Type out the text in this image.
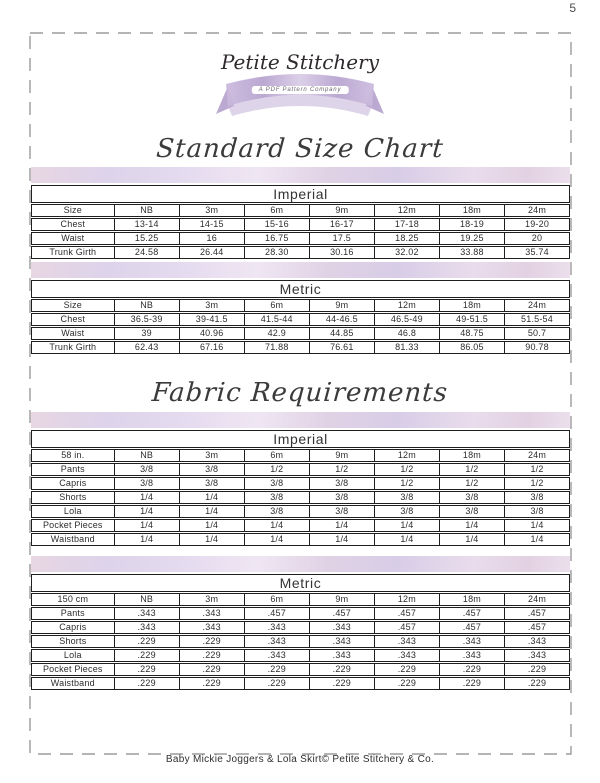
5
Petite Stitchery
A PDF Pattern Company
Standard Size Chart
Imperial
Size	NB	3m	6m	9m	12m	18m	24m
Chest	13-14	14-15	15-16	16-17	17-18	18-19	19-20
Waist	15.25	16	16.75	17.5	18.25	19.25	20
Trunk Girth	24.58	26.44	28.30	30.16	32.02	33.88	35.74
Metric
Size	NB	3m	6m	9m	12m	18m	24m
Chest	36.5-39	39-41.5	41.5-44	44-46.5	46.5-49	49-51.5	51.5-54
Waist	39	40.96	42.9	44.85	46.8	48.75	50.7
Trunk Girth	62.43	67.16	71.88	76.61	81.33	86.05	90.78
Fabric Requirements
Imperial
58 in.	NB	3m	6m	9m	12m	18m	24m
Pants	3/8	3/8	1/2	1/2	1/2	1/2	1/2
Capris	3/8	3/8	3/8	3/8	1/2	1/2	1/2
Shorts	1/4	1/4	3/8	3/8	3/8	3/8	3/8
Lola	1/4	1/4	3/8	3/8	3/8	3/8	3/8
Pocket Pieces	1/4	1/4	1/4	1/4	1/4	1/4	1/4
Waistband	1/4	1/4	1/4	1/4	1/4	1/4	1/4
Metric
150 cm	NB	3m	6m	9m	12m	18m	24m
Pants	.343	.343	.457	.457	.457	.457	.457
Capris	.343	.343	.343	.343	.457	.457	.457
Shorts	.229	.229	.343	.343	.343	.343	.343
Lola	.229	.229	.343	.343	.343	.343	.343
Pocket Pieces	.229	.229	.229	.229	.229	.229	.229
Waistband	.229	.229	.229	.229	.229	.229	.229
Baby Mickie Joggers & Lola Skirt© Petite Stitchery & Co.
